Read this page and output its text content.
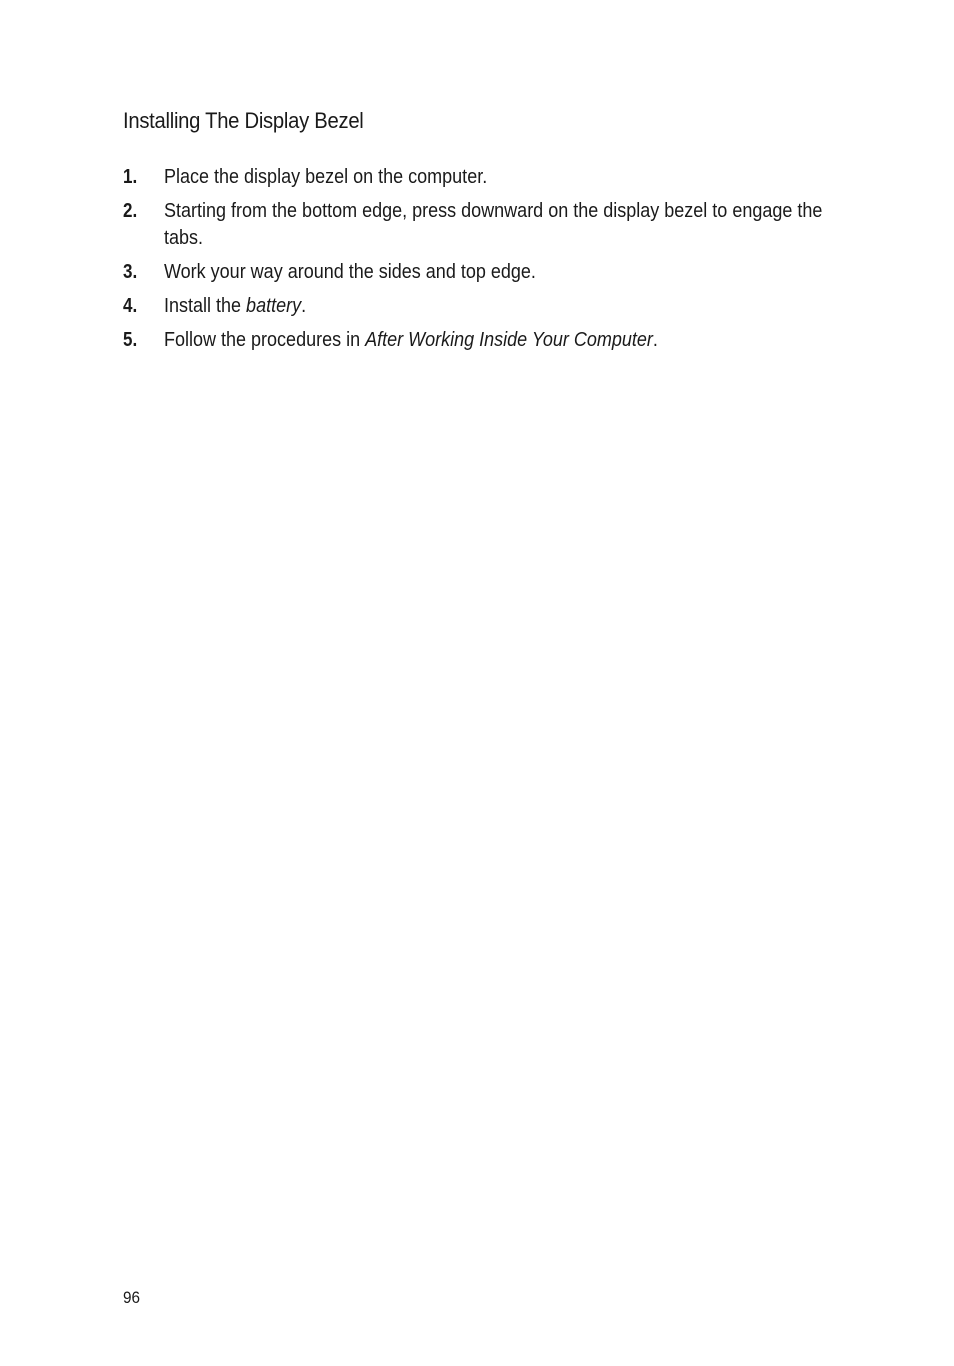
Installing The Display Bezel
1. Place the display bezel on the computer.
2. Starting from the bottom edge, press downward on the display bezel to engage the tabs.
3. Work your way around the sides and top edge.
4. Install the battery.
5. Follow the procedures in After Working Inside Your Computer.
96
